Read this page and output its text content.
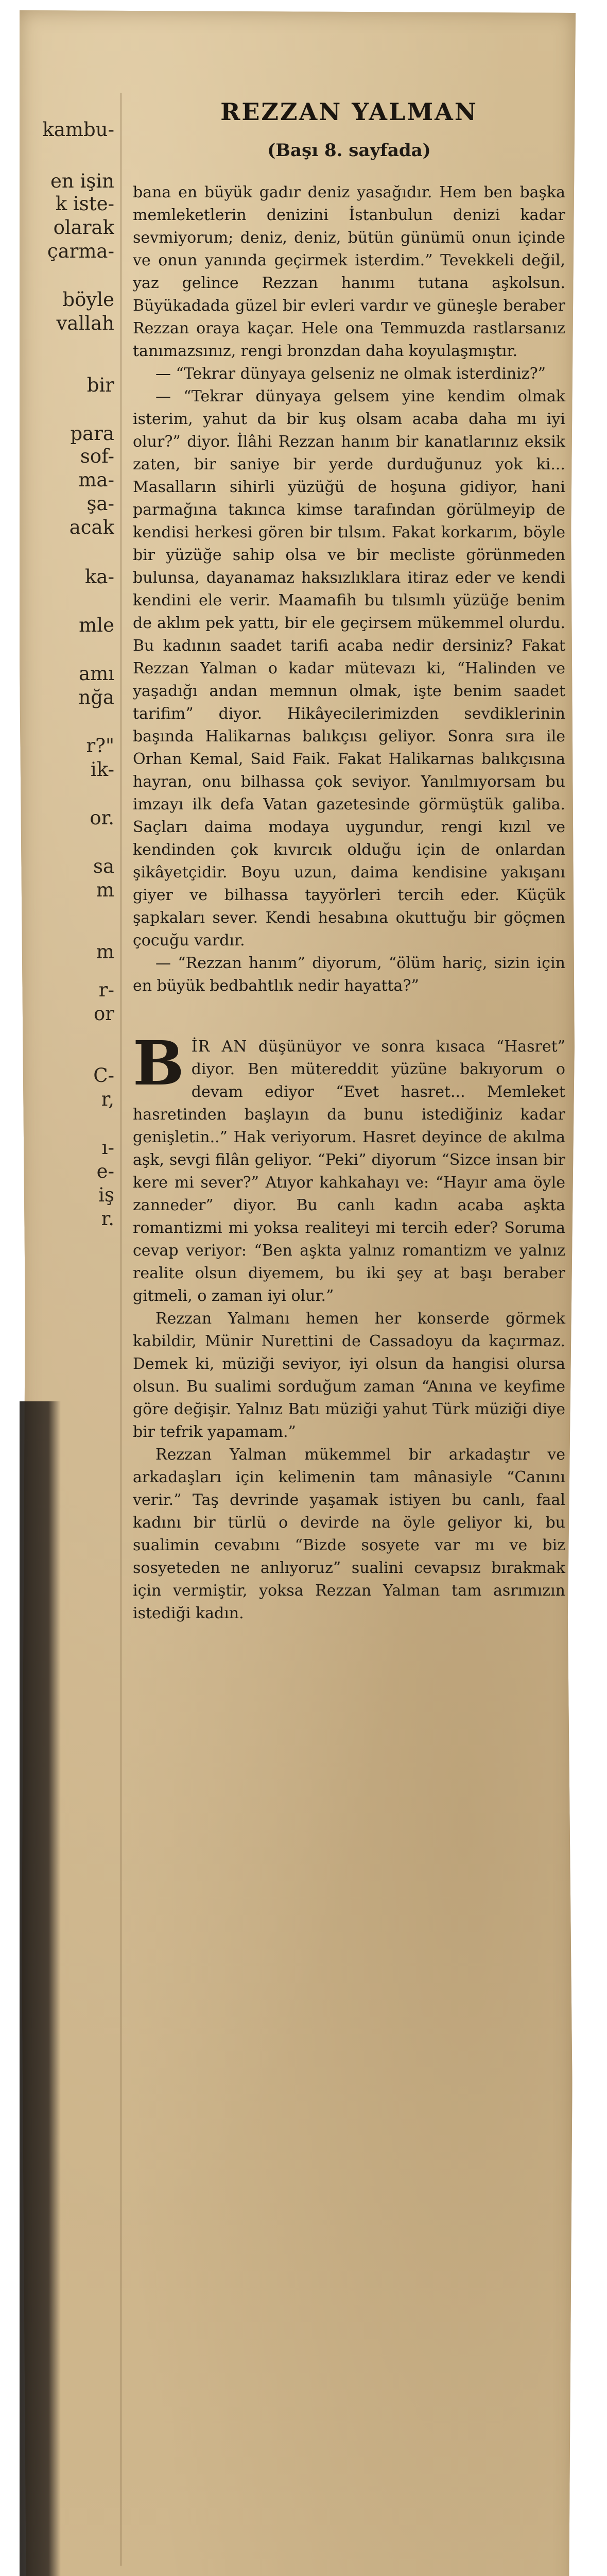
kambu-
en işin
k iste-
olarak
çarma-
böyle
vallah
bir
para
sof-
ma-
şa-
acak
ka-
mle
amı
nğa
r?"
ik-
or.
sa
m
m
r-
or
C-
r,
ı-
e-
iş
r.
REZZAN YALMAN
(Başı 8. sayfada)

bana en büyük gadır deniz yasağıdır. Hem ben başka memleketlerin denizini İstanbulun denizi kadar sevmiyorum; deniz, deniz, bütün günümü onun içinde ve onun yanında geçirmek isterdim.” Tevekkeli değil, yaz gelince Rezzan hanımı tutana aşkolsun. Büyükadada güzel bir evleri vardır ve güneşle beraber Rezzan oraya kaçar. Hele ona Temmuzda rastlarsanız tanımazsınız, rengi bronzdan daha koyulaşmıştır.

— “Tekrar dünyaya gelseniz ne olmak isterdiniz?”

— “Tekrar dünyaya gelsem yine kendim olmak isterim, yahut da bir kuş olsam acaba daha mı iyi olur?” diyor. İlâhi Rezzan hanım bir kanatlarınız eksik zaten, bir saniye bir yerde durduğunuz yok ki... Masalların sihirli yüzüğü de hoşuna gidiyor, hani parmağına takınca kimse tarafından görülmeyip de kendisi herkesi gören bir tılsım. Fakat korkarım, böyle bir yüzüğe sahip olsa ve bir mecliste görünmeden bulunsa, dayanamaz haksızlıklara itiraz eder ve kendi kendini ele verir. Maamafih bu tılsımlı yüzüğe benim de aklım pek yattı, bir ele geçirsem mükemmel olurdu. Bu kadının saadet tarifi acaba nedir dersiniz? Fakat Rezzan Yalman o kadar mütevazı ki, “Halinden ve yaşadığı andan memnun olmak, işte benim saadet tarifim” diyor. Hikâyecilerimizden sevdiklerinin başında Halikarnas balıkçısı geliyor. Sonra sıra ile Orhan Kemal, Said Faik. Fakat Halikarnas balıkçısına hayran, onu bilhassa çok seviyor. Yanılmıyorsam bu imzayı ilk defa Vatan gazetesinde görmüştük galiba. Saçları daima modaya uygundur, rengi kızıl ve kendinden çok kıvırcık olduğu için de onlardan şikâyetçidir. Boyu uzun, daima kendisine yakışanı giyer ve bilhassa tayyörleri tercih eder. Küçük şapkaları sever. Kendi hesabına okuttuğu bir göçmen çocuğu vardır.

— “Rezzan hanım” diyorum, “ölüm hariç, sizin için en büyük bedbahtlık nedir hayatta?”

BİR AN düşünüyor ve sonra kısaca “Hasret” diyor. Ben mütereddit yüzüne bakıyorum o devam ediyor “Evet hasret... Memleket hasretinden başlayın da bunu istediğiniz kadar genişletin..” Hak veriyorum. Hasret deyince de akılma aşk, sevgi filân geliyor. “Peki” diyorum “Sizce insan bir kere mi sever?” Atıyor kahkahayı ve: “Hayır ama öyle zanneder” diyor. Bu canlı kadın acaba aşkta romantizmi mi yoksa realiteyi mi tercih eder? Soruma cevap veriyor: “Ben aşkta yalnız romantizm ve yalnız realite olsun diyemem, bu iki şey at başı beraber gitmeli, o zaman iyi olur.”

Rezzan Yalmanı hemen her konserde görmek kabildir, Münir Nurettini de Cassadoyu da kaçırmaz. Demek ki, müziği seviyor, iyi olsun da hangisi olursa olsun. Bu sualimi sorduğum zaman “Anına ve keyfime göre değişir. Yalnız Batı müziği yahut Türk müziği diye bir tefrik yapamam.”

Rezzan Yalman mükemmel bir arkadaştır ve arkadaşları için kelimenin tam mânasiyle “Canını verir.” Taş devrinde yaşamak istiyen bu canlı, faal kadını bir türlü o devirde na öyle geliyor ki, bu sualimin cevabını “Bizde sosyete var mı ve biz sosyeteden ne anlıyoruz” sualini cevapsız bırakmak için vermiştir, yoksa Rezzan Yalman tam asrımızın istediği kadın.
